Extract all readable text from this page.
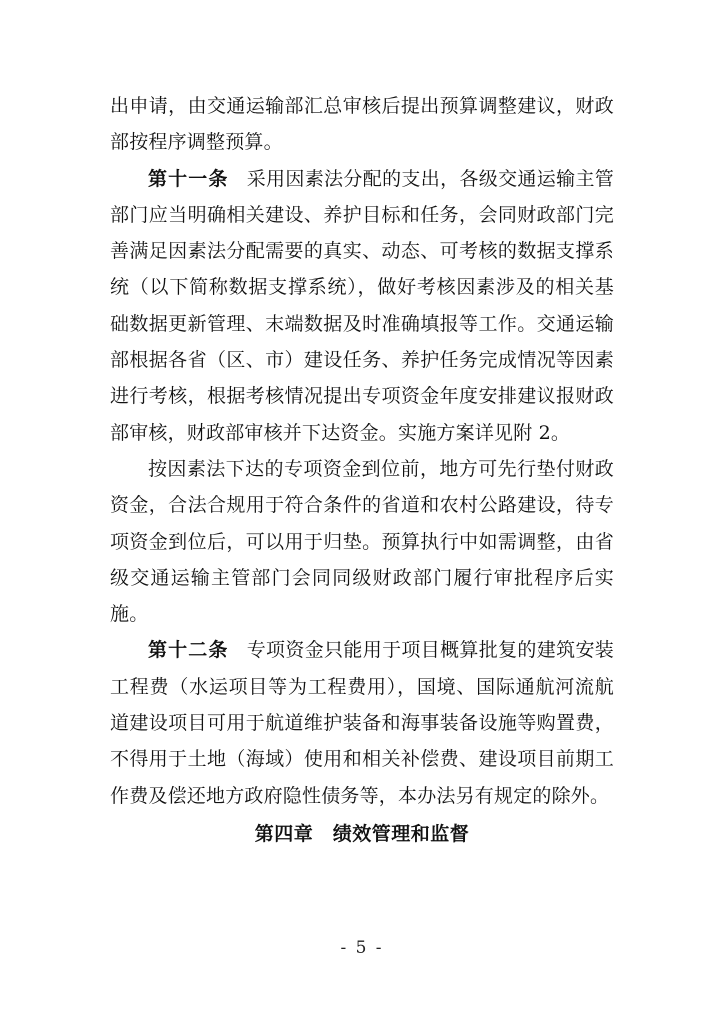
出申请，由交通运输部汇总审核后提出预算调整建议，财政部按程序调整预算。

第十一条 采用因素法分配的支出，各级交通运输主管部门应当明确相关建设、养护目标和任务，会同财政部门完善满足因素法分配需要的真实、动态、可考核的数据支撑系统（以下简称数据支撑系统），做好考核因素涉及的相关基础数据更新管理、末端数据及时准确填报等工作。交通运输部根据各省（区、市）建设任务、养护任务完成情况等因素进行考核，根据考核情况提出专项资金年度安排建议报财政部审核，财政部审核并下达资金。实施方案详见附 2。

按因素法下达的专项资金到位前，地方可先行垫付财政资金，合法合规用于符合条件的省道和农村公路建设，待专项资金到位后，可以用于归垫。预算执行中如需调整，由省级交通运输主管部门会同同级财政部门履行审批程序后实施。

第十二条 专项资金只能用于项目概算批复的建筑安装工程费（水运项目等为工程费用），国境、国际通航河流航道建设项目可用于航道维护装备和海事装备设施等购置费，不得用于土地（海域）使用和相关补偿费、建设项目前期工作费及偿还地方政府隐性债务等，本办法另有规定的除外。

第四章　绩效管理和监督
- 5 -
